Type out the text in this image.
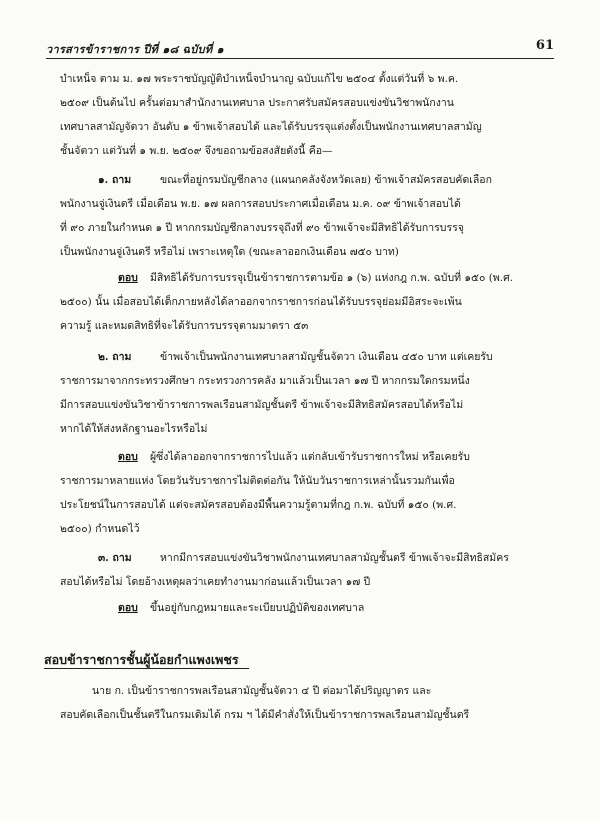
วารสารข้าราชการ ปีที่ ๑๘ ฉบับที่ ๑	61
บำเหน็จ ตาม ม. ๑๗ พระราชบัญญัติบำเหน็จบำนาญ ฉบับแก้ไข ๒๕๐๔ ตั้งแต่วันที่ ๖ พ.ค.
๒๕๐๙ เป็นต้นไป ครั้นต่อมาสำนักงานเทศบาล ประกาศรับสมัครสอบแข่งขันวิชาพนักงาน
เทศบาลสามัญจัตวา อันดับ ๑ ข้าพเจ้าสอบได้ และได้รับบรรจุแต่งตั้งเป็นพนักงานเทศบาลสามัญ
ชั้นจัตวา แต่วันที่ ๑ พ.ย. ๒๕๐๙ จึงขอถามข้อสงสัยดังนี้ คือ—
๑. ถาม	ขณะที่อยู่กรมบัญชีกลาง (แผนกคลังจังหวัดเลย) ข้าพเจ้าสมัครสอบคัดเลือก
พนักงานจู่เงินตรี เมื่อเดือน พ.ย. ๑๗ ผลการสอบประกาศเมื่อเดือน ม.ค. ๐๙ ข้าพเจ้าสอบได้
ที่ ๙๐ ภายในกำหนด ๑ ปี หากกรมบัญชีกลางบรรจุถึงที่ ๙๐ ข้าพเจ้าจะมีสิทธิได้รับการบรรจุ
เป็นพนักงานจู่เงินตรี หรือไม่ เพราะเหตุใด (ขณะลาออกเงินเดือน ๗๕๐ บาท)
ตอบ มีสิทธิได้รับการบรรจุเป็นข้าราชการตามข้อ ๑ (๖) แห่งกฎ ก.พ. ฉบับที่ ๑๕๐ (พ.ศ.
๒๕๐๐) นั้น เมื่อสอบได้เด็กภายหลังได้ลาออกจากราชการก่อนได้รับบรรจุย่อมมีอิสระจะเพ้น
ความรู้ และหมดสิทธิที่จะได้รับการบรรจุตามมาตรา ๕๓
๒. ถาม	ข้าพเจ้าเป็นพนักงานเทศบาลสามัญชั้นจัตวา เงินเดือน ๔๕๐ บาท แต่เคยรับ
ราชการมาจากกระทรวงศึกษา กระทรวงการคลัง มาแล้วเป็นเวลา ๑๗ ปี หากกรมใดกรมหนึ่ง
มีการสอบแข่งขันวิชาข้าราชการพลเรือนสามัญชั้นตรี ข้าพเจ้าจะมีสิทธิสมัครสอบได้หรือไม่
หากได้ให้ส่งหลักฐานอะไรหรือไม่
ตอบ ผู้ซึ่งได้ลาออกจากราชการไปแล้ว แต่กลับเข้ารับราชการใหม่ หรือเคยรับ
ราชการมาหลายแห่ง โดยวันรับราชการไม่ติดต่อกัน ให้นับวันราชการเหล่านั้นรวมกันเพื่อ
ประโยชน์ในการสอบได้ แต่จะสมัครสอบต้องมีพื้นความรู้ตามที่กฎ ก.พ. ฉบับที่ ๑๕๐ (พ.ศ.
๒๕๐๐) กำหนดไว้
๓. ถาม	หากมีการสอบแข่งขันวิชาพนักงานเทศบาลสามัญชั้นตรี ข้าพเจ้าจะมีสิทธิสมัคร
สอบได้หรือไม่ โดยอ้างเหตุผลว่าเคยทำงานมาก่อนแล้วเป็นเวลา ๑๗ ปี
ตอบ ขึ้นอยู่กับกฎหมายและระเบียบปฏิบัติของเทศบาล
สอบข้าราชการชั้นผู้น้อยกำแพงเพชร
นาย ก. เป็นข้าราชการพลเรือนสามัญชั้นจัตวา ๔ ปี ต่อมาได้ปริญญาตร และ
สอบคัดเลือกเป็นชั้นตรีในกรมเดิมได้ กรม ฯ ได้มีคำสั่งให้เป็นข้าราชการพลเรือนสามัญชั้นตรี
